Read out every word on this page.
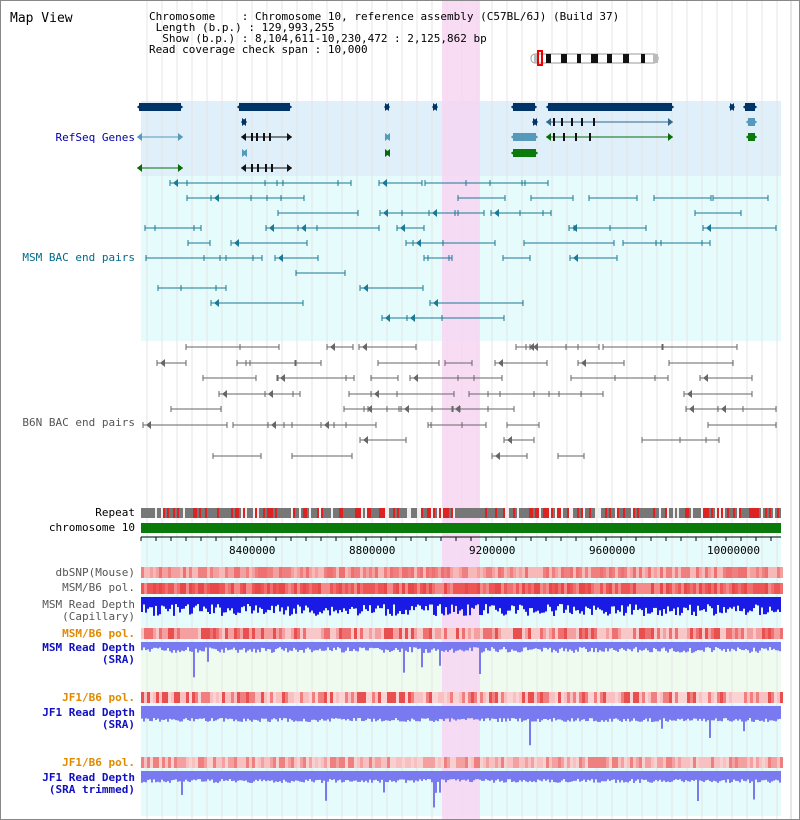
Map View	Chromosome    : Chromosome 10, reference assembly (C57BL/6J) (Build 37)
Length (b.p.) : 129,993,255
Show (b.p.) : 8,104,611-10,230,472 : 2,125,862 bp
Read coverage check span : 10,000
RefSeq Genes
MSM BAC end pairs
B6N BAC end pairs
Repeat
chromosome 10
dbSNP(Mouse)
MSM/B6 pol.
MSM Read Depth
(Capillary)
MSM/B6 pol.
MSM Read Depth
(SRA)
JF1/B6 pol.
JF1 Read Depth
(SRA)
JF1/B6 pol.
JF1 Read Depth
(SRA trimmed)
8400000	8800000	9200000	9600000	10000000
